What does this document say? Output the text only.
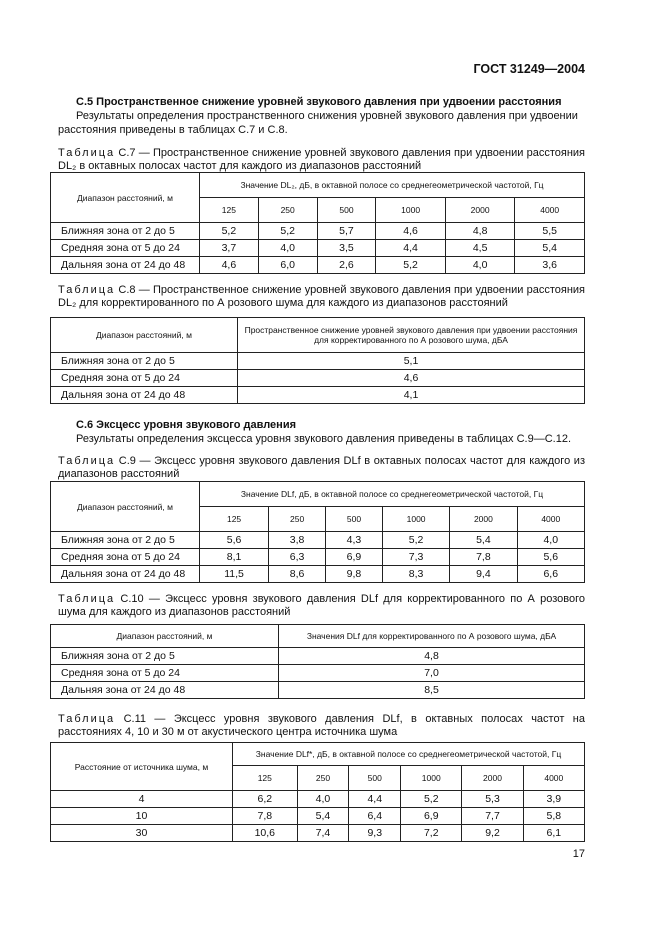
ГОСТ 31249—2004
С.5 Пространственное снижение уровней звукового давления при удвоении расстояния
Результаты определения пространственного снижения уровней звукового давления при удвоении расстояния приведены в таблицах С.7 и С.8.
Таблица С.7 — Пространственное снижение уровней звукового давления при удвоении расстояния DL₂ в октавных полосах частот для каждого из диапазонов расстояний
Диапазон расстояний, м	Значение DL₂, дБ, в октавной полосе со среднегеометрической частотой, Гц					
	125	250	500	1000	2000	4000
Ближняя зона от 2 до 5	5,2	5,2	5,7	4,6	4,8	5,5
Средняя зона от 5 до 24	3,7	4,0	3,5	4,4	4,5	5,4
Дальняя зона от 24 до 48	4,6	6,0	2,6	5,2	4,0	3,6
Таблица С.8 — Пространственное снижение уровней звукового давления при удвоении расстояния DL₂ для корректированного по А розового шума для каждого из диапазонов расстояний
Диапазон расстояний, м	Пространственное снижение уровней звукового давления при удвоении расстояния для корректированного по А розового шума, дБА
Ближняя зона от 2 до 5	5,1
Средняя зона от 5 до 24	4,6
Дальняя зона от 24 до 48	4,1
С.6 Эксцесс уровня звукового давления
Результаты определения эксцесса уровня звукового давления приведены в таблицах С.9—С.12.
Таблица С.9 — Эксцесс уровня звукового давления DLf в октавных полосах частот для каждого из диапазонов расстояний
Диапазон расстояний, м	Значение DLf, дБ, в октавной полосе со среднегеометрической частотой, Гц					
	125	250	500	1000	2000	4000
Ближняя зона от 2 до 5	5,6	3,8	4,3	5,2	5,4	4,0
Средняя зона от 5 до 24	8,1	6,3	6,9	7,3	7,8	5,6
Дальняя зона от 24 до 48	11,5	8,6	9,8	8,3	9,4	6,6
Таблица С.10 — Эксцесс уровня звукового давления DLf для корректированного по А розового шума для каждого из диапазонов расстояний
Диапазон расстояний, м	Значения DLf для корректированного по А розового шума, дБА
Ближняя зона от 2 до 5	4,8
Средняя зона от 5 до 24	7,0
Дальняя зона от 24 до 48	8,5
Таблица С.11 — Эксцесс уровня звукового давления DLf, в октавных полосах частот на расстояниях 4, 10 и 30 м от акустического центра источника шума
Расстояние от источника шума, м	Значение DLf*, дБ, в октавной полосе со среднегеометрической частотой, Гц					
	125	250	500	1000	2000	4000
4	6,2	4,0	4,4	5,2	5,3	3,9
10	7,8	5,4	6,4	6,9	7,7	5,8
30	10,6	7,4	9,3	7,2	9,2	6,1
17
